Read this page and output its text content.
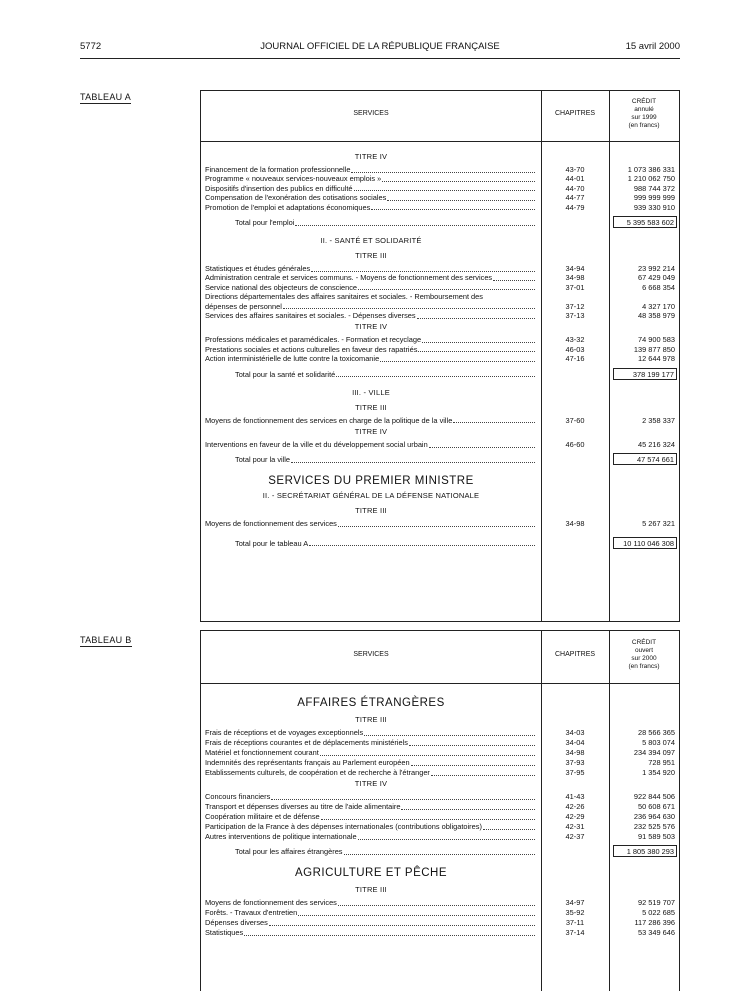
5772	JOURNAL OFFICIEL DE LA RÉPUBLIQUE FRANÇAISE	15 avril 2000
TABLEAU A
SERVICES	CHAPITRES
CRÉDIT
annulé
sur 1999
(en francs)
TITRE IV
Financement de la formation professionnelle	43-70	1 073 386 331
Programme « nouveaux services-nouveaux emplois »	44-01	1 210 062 750
Dispositifs d'insertion des publics en difficulté	44-70	988 744 372
Compensation de l'exonération des cotisations sociales	44-77	999 999 999
Promotion de l'emploi et adaptations économiques	44-79	939 330 910
Total pour l'emploi	5 395 583 602
II. - SANTÉ ET SOLIDARITÉ
TITRE III
Statistiques et études générales	34-94	23 992 214
Administration centrale et services communs. - Moyens de fonctionnement des services	34-98	67 429 049
Service national des objecteurs de conscience	37-01	6 668 354
Directions départementales des affaires sanitaires et sociales. - Remboursement des
dépenses de personnel	37-12	4 327 170
Services des affaires sanitaires et sociales. - Dépenses diverses	37-13	48 358 979
TITRE IV
Professions médicales et paramédicales. - Formation et recyclage	43-32	74 900 583
Prestations sociales et actions culturelles en faveur des rapatriés	46-03	139 877 850
Action interministérielle de lutte contre la toxicomanie	47-16	12 644 978
Total pour la santé et solidarité	378 199 177
III. - VILLE
TITRE III
Moyens de fonctionnement des services en charge de la politique de la ville	37-60	2 358 337
TITRE IV
Interventions en faveur de la ville et du développement social urbain	46-60	45 216 324
Total pour la ville	47 574 661
SERVICES DU PREMIER MINISTRE
II. - SECRÉTARIAT GÉNÉRAL DE LA DÉFENSE NATIONALE
TITRE III
Moyens de fonctionnement des services	34-98	5 267 321
Total pour le tableau A	10 110 046 308
TABLEAU B
SERVICES	CHAPITRES
CRÉDIT
ouvert
sur 2000
(en francs)
AFFAIRES ÉTRANGÈRES
TITRE III
Frais de réceptions et de voyages exceptionnels	34-03	28 566 365
Frais de réceptions courantes et de déplacements ministériels	34-04	5 803 074
Matériel et fonctionnement courant	34-98	234 394 097
Indemnités des représentants français au Parlement européen	37-93	728 951
Etablissements culturels, de coopération et de recherche à l'étranger	37-95	1 354 920
TITRE IV
Concours financiers	41-43	922 844 506
Transport et dépenses diverses au titre de l'aide alimentaire	42-26	50 608 671
Coopération militaire et de défense	42-29	236 964 630
Participation de la France à des dépenses internationales (contributions obligatoires)	42-31	232 525 576
Autres interventions de politique internationale	42-37	91 589 503
Total pour les affaires étrangères	1 805 380 293
AGRICULTURE ET PÊCHE
TITRE III
Moyens de fonctionnement des services	34-97	92 519 707
Forêts. - Travaux d'entretien	35-92	5 022 685
Dépenses diverses	37-11	117 286 396
Statistiques	37-14	53 349 646
